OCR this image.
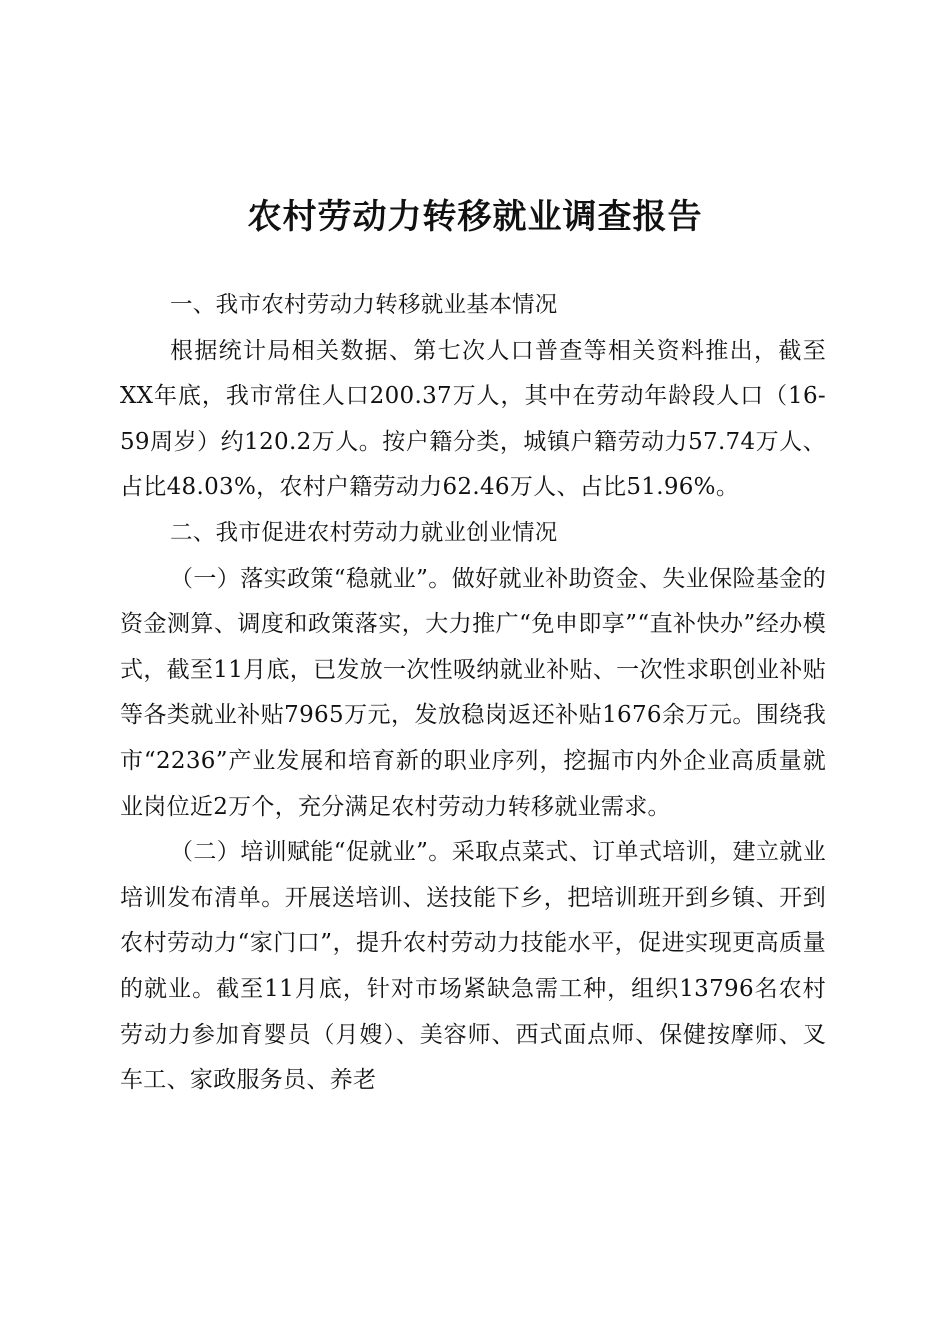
农村劳动力转移就业调查报告
一、我市农村劳动力转移就业基本情况

根据统计局相关数据、第七次人口普查等相关资料推出，截至XX年底，我市常住人口200.37万人，其中在劳动年龄段人口（16-59周岁）约120.2万人。按户籍分类，城镇户籍劳动力57.74万人、占比48.03%，农村户籍劳动力62.46万人、占比51.96%。

二、我市促进农村劳动力就业创业情况

（一）落实政策“稳就业”。做好就业补助资金、失业保险基金的资金测算、调度和政策落实，大力推广“免申即享”“直补快办”经办模式，截至11月底，已发放一次性吸纳就业补贴、一次性求职创业补贴等各类就业补贴7965万元，发放稳岗返还补贴1676余万元。围绕我市“2236”产业发展和培育新的职业序列，挖掘市内外企业高质量就业岗位近2万个，充分满足农村劳动力转移就业需求。

（二）培训赋能“促就业”。采取点菜式、订单式培训，建立就业培训发布清单。开展送培训、送技能下乡，把培训班开到乡镇、开到农村劳动力“家门口”，提升农村劳动力技能水平，促进实现更高质量的就业。截至11月底，针对市场紧缺急需工种，组织13796名农村劳动力参加育婴员（月嫂）、美容师、西式面点师、保健按摩师、叉车工、家政服务员、养老
